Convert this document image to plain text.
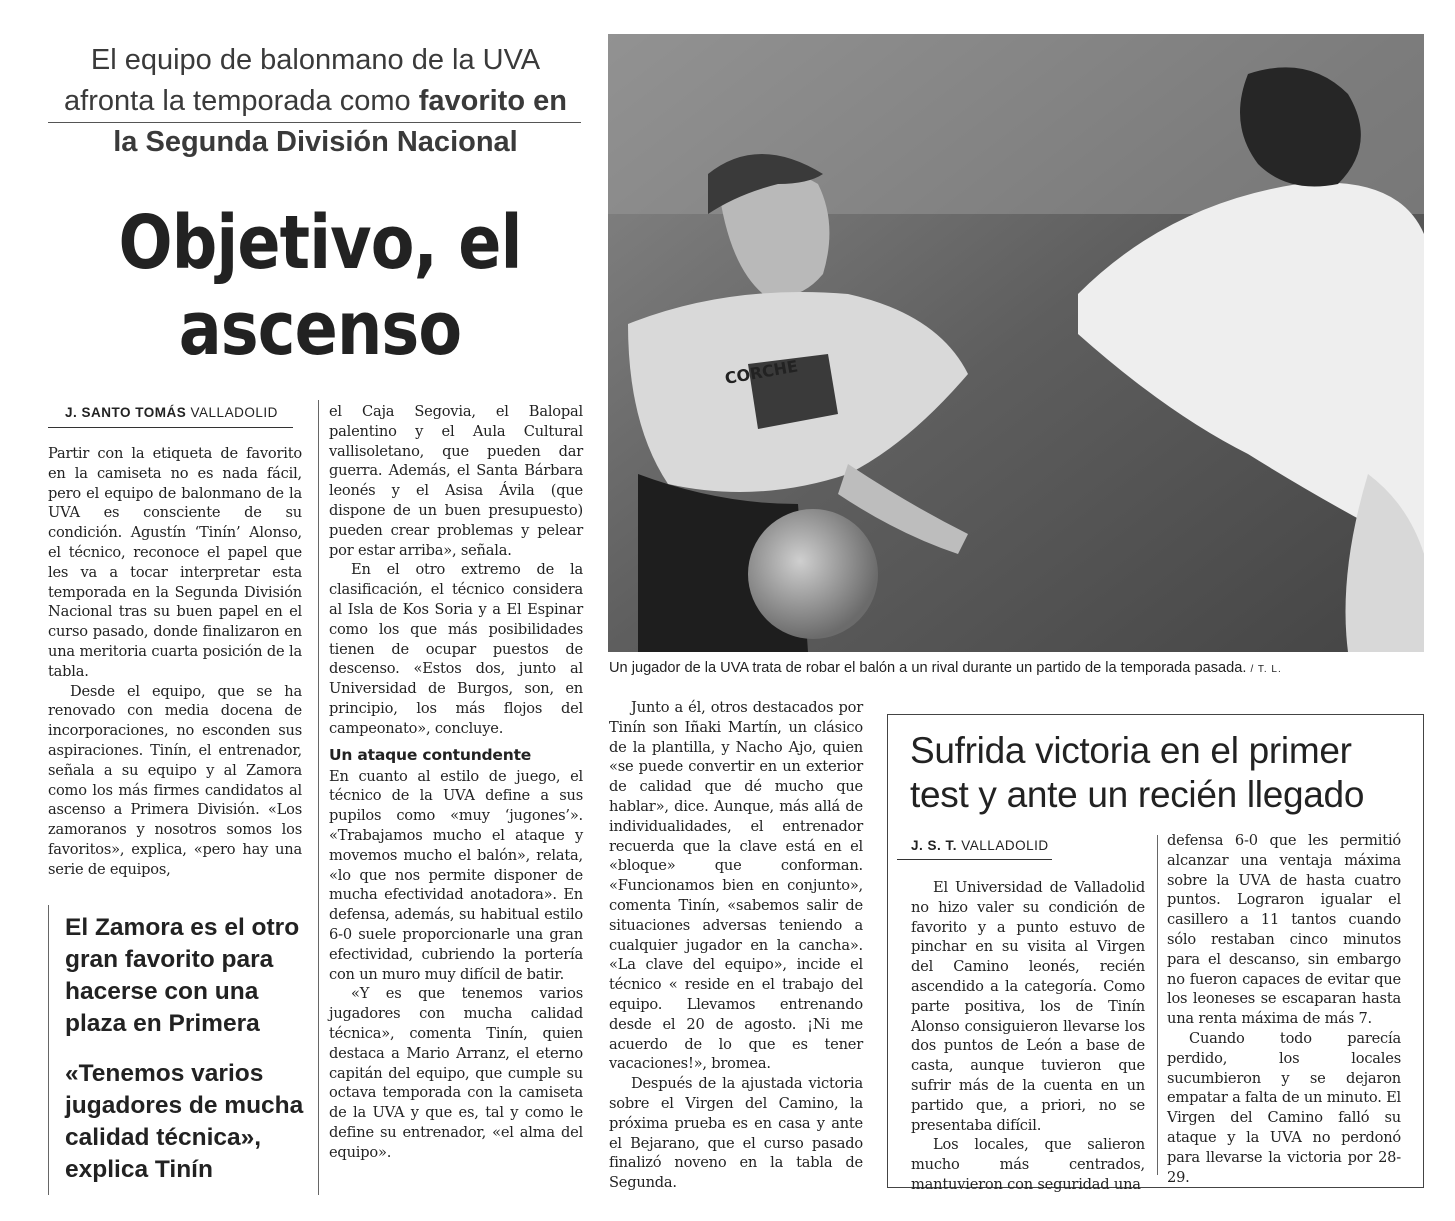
El equipo de balonmano de la UVA
afronta la temporada como favorito en
la Segunda División Nacional
Objetivo, el
ascenso
J. SANTO TOMÁS VALLADOLID

Partir con la etiqueta de favorito en la camiseta no es nada fácil, pero el equipo de balonmano de la UVA es consciente de su condición. Agustín ‘Tinín’ Alonso, el técnico, reconoce el papel que les va a tocar interpretar esta temporada en la Segunda División Nacional tras su buen papel en el curso pasado, donde finalizaron en una meritoria cuarta posición de la tabla.

Desde el equipo, que se ha renovado con media docena de incorporaciones, no esconden sus aspiraciones. Tinín, el entrenador, señala a su equipo y al Zamora como los más firmes candidatos al ascenso a Primera División. «Los zamoranos y nosotros somos los favoritos», explica, «pero hay una serie de equipos,

El Zamora es el otro gran favorito para hacerse con una plaza en Primera
«Tenemos varios jugadores de mucha calidad técnica», explica Tinín

el Caja Segovia, el Balopal palentino y el Aula Cultural vallisoletano, que pueden dar guerra. Además, el Santa Bárbara leonés y el Asisa Ávila (que dispone de un buen presupuesto) pueden crear problemas y pelear por estar arriba», señala.

En el otro extremo de la clasificación, el técnico considera al Isla de Kos Soria y a El Espinar como los que más posibilidades tienen de ocupar puestos de descenso. «Estos dos, junto al Universidad de Burgos, son, en principio, los más flojos del campeonato», concluye.

Un ataque contundente

En cuanto al estilo de juego, el técnico de la UVA define a sus pupilos como «muy ‘jugones’». «Trabajamos mucho el ataque y movemos mucho el balón», relata, «lo que nos permite disponer de mucha efectividad anotadora». En defensa, además, su habitual estilo 6-0 suele proporcionarle una gran efectividad, cubriendo la portería con un muro muy difícil de batir.

«Y es que tenemos varios jugadores con mucha calidad técnica», comenta Tinín, quien destaca a Mario Arranz, el eterno capitán del equipo, que cumple su octava temporada con la camiseta de la UVA y que es, tal y como le define su entrenador, «el alma del equipo».

CORCHE
Un jugador de la UVA trata de robar el balón a un rival durante un partido de la temporada pasada. / T. L.

Junto a él, otros destacados por Tinín son Iñaki Martín, un clásico de la plantilla, y Nacho Ajo, quien «se puede convertir en un exterior de calidad que dé mucho que hablar», dice. Aunque, más allá de individualidades, el entrenador recuerda que la clave está en el «bloque» que conforman. «Funcionamos bien en conjunto», comenta Tinín, «sabemos salir de situaciones adversas teniendo a cualquier jugador en la cancha». «La clave del equipo», incide el técnico « reside en el trabajo del equipo. Llevamos entrenando desde el 20 de agosto. ¡Ni me acuerdo de lo que es tener vacaciones!», bromea.

Después de la ajustada victoria sobre el Virgen del Camino, la próxima prueba es en casa y ante el Bejarano, que el curso pasado finalizó noveno en la tabla de Segunda.

Sufrida victoria en el primer test y ante un recién llegado
J. S. T. VALLADOLID

El Universidad de Valladolid no hizo valer su condición de favorito y a punto estuvo de pinchar en su visita al Virgen del Camino leonés, recién ascendido a la categoría. Como parte positiva, los de Tinín Alonso consiguieron llevarse los dos puntos de León a base de casta, aunque tuvieron que sufrir más de la cuenta en un partido que, a priori, no se presentaba difícil.

Los locales, que salieron mucho más centrados, mantuvieron con seguridad una

defensa 6-0 que les permitió alcanzar una ventaja máxima sobre la UVA de hasta cuatro puntos. Lograron igualar el casillero a 11 tantos cuando sólo restaban cinco minutos para el descanso, sin embargo no fueron capaces de evitar que los leoneses se escaparan hasta una renta máxima de más 7.

Cuando todo parecía perdido, los locales sucumbieron y se dejaron empatar a falta de un minuto. El Virgen del Camino falló su ataque y la UVA no perdonó para llevarse la victoria por 28-29.
